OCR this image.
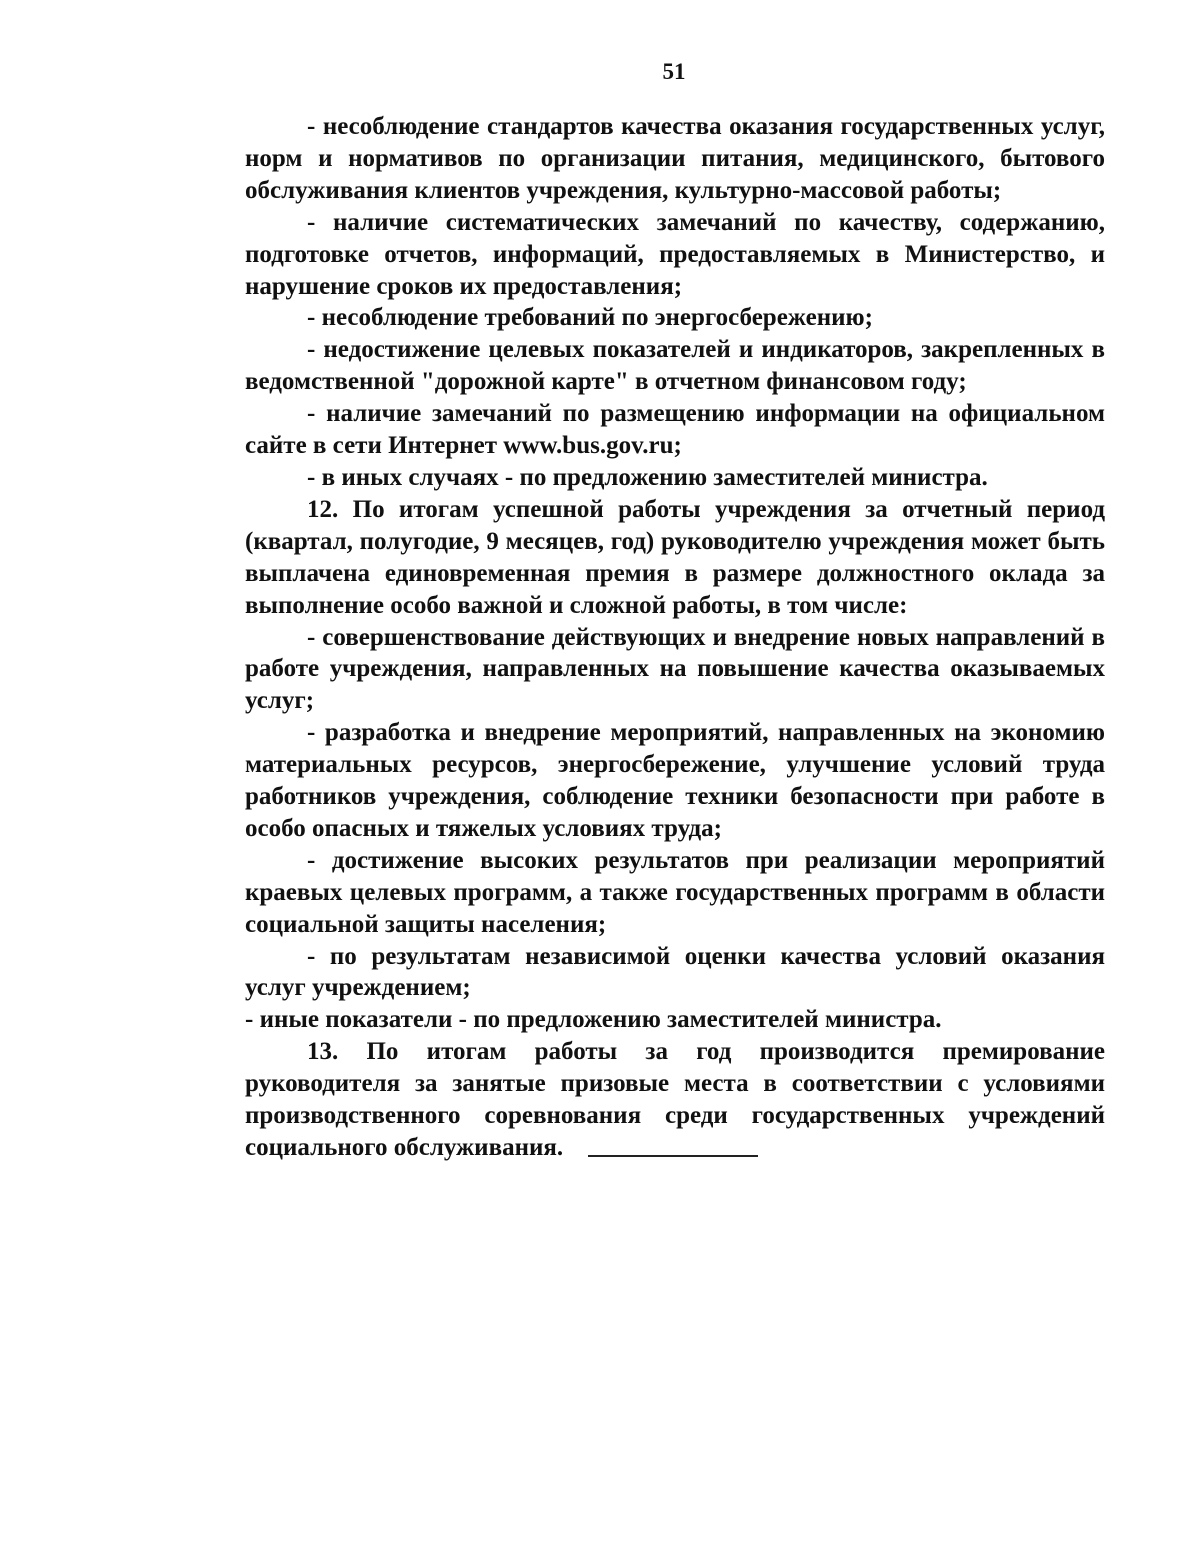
51

- несоблюдение стандартов качества оказания государственных услуг, норм и нормативов по организации питания, медицинского, бытового обслуживания клиентов учреждения, культурно-массовой работы;

- наличие систематических замечаний по качеству, содержанию, подготовке отчетов, информаций, предоставляемых в Министерство, и нарушение сроков их предоставления;

- несоблюдение требований по энергосбережению;

- недостижение целевых показателей и индикаторов, закрепленных в ведомственной "дорожной карте" в отчетном финансовом году;

- наличие замечаний по размещению информации на официальном сайте в сети Интернет www.bus.gov.ru;

- в иных случаях - по предложению заместителей министра.

12. По итогам успешной работы учреждения за отчетный период (квартал, полугодие, 9 месяцев, год) руководителю учреждения может быть выплачена единовременная премия в размере должностного оклада за выполнение особо важной и сложной работы, в том числе:

- совершенствование действующих и внедрение новых направлений в работе учреждения, направленных на повышение качества оказываемых услуг;

- разработка и внедрение мероприятий, направленных на экономию материальных ресурсов, энергосбережение, улучшение условий труда работников учреждения, соблюдение техники безопасности при работе в особо опасных и тяжелых условиях труда;

- достижение высоких результатов при реализации мероприятий краевых целевых программ, а также государственных программ в области социальной защиты населения;

- по результатам независимой оценки качества условий оказания услуг учреждением;

- иные показатели - по предложению заместителей министра.

13. По итогам работы за год производится премирование руководителя за занятые призовые места в соответствии с условиями производственного соревнования среди государственных учреждений социального обслуживания.
